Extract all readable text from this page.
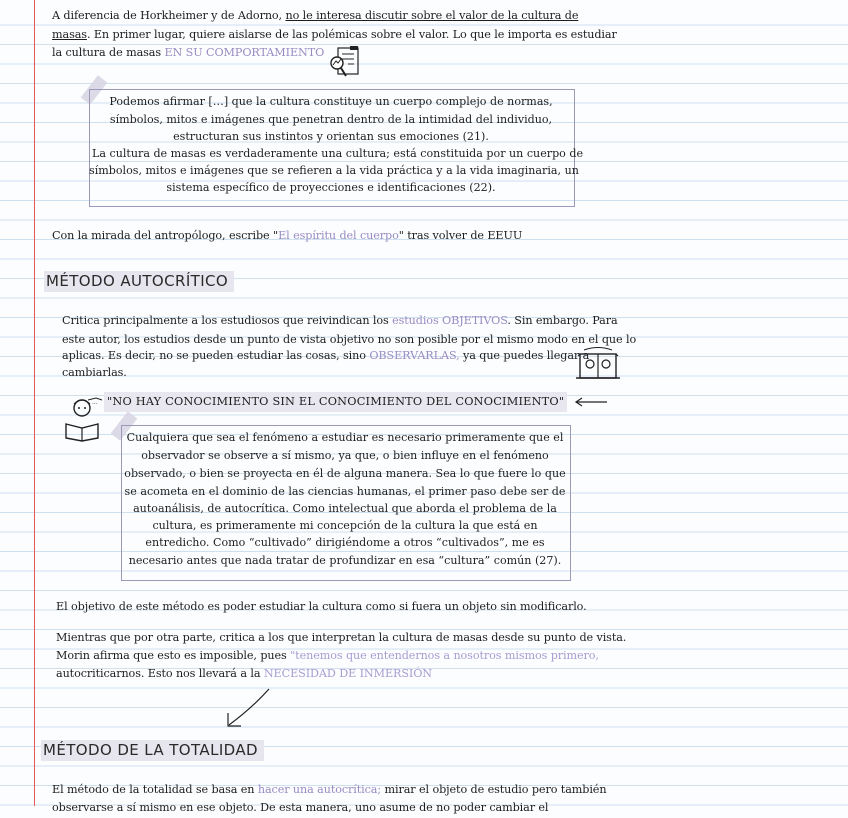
A diferencia de Horkheimer y de Adorno, no le interesa discutir sobre el valor de la cultura de
masas. En primer lugar, quiere aislarse de las polémicas sobre el valor. Lo que le importa es estudiar
la cultura de masas EN SU COMPORTAMIENTO
Podemos afirmar […] que la cultura constituye un cuerpo complejo de normas,
símbolos, mitos e imágenes que penetran dentro de la intimidad del individuo,
estructuran sus instintos y orientan sus emociones (21).
La cultura de masas es verdaderamente una cultura; está constituida por un cuerpo de
símbolos, mitos e imágenes que se refieren a la vida práctica y a la vida imaginaria, un
sistema específico de proyecciones e identificaciones (22).
Con la mirada del antropólogo, escribe "El espíritu del cuerpo" tras volver de EEUU
MÉTODO AUTOCRÍTICO
Critica principalmente a los estudiosos que reivindican los estudios OBJETIVOS. Sin embargo. Para
este autor, los estudios desde un punto de vista objetivo no son posible por el mismo modo en el que lo
aplicas. Es decir, no se pueden estudiar las cosas, sino OBSERVARLAS, ya que puedes llegar a
cambiarlas.
... "NO HAY CONOCIMIENTO SIN EL CONOCIMIENTO DEL CONOCIMIENTO"
Cualquiera que sea el fenómeno a estudiar es necesario primeramente que el
observador se observe a sí mismo, ya que, o bien influye en el fenómeno
observado, o bien se proyecta en él de alguna manera. Sea lo que fuere lo que
se acometa en el dominio de las ciencias humanas, el primer paso debe ser de
autoanálisis, de autocrítica. Como intelectual que aborda el problema de la
cultura, es primeramente mi concepción de la cultura la que está en
entredicho. Como “cultivado” dirigiéndome a otros “cultivados”, me es
necesario antes que nada tratar de profundizar en esa “cultura” común (27).
El objetivo de este método es poder estudiar la cultura como si fuera un objeto sin modificarlo.
Mientras que por otra parte, critica a los que interpretan la cultura de masas desde su punto de vista.
Morin afirma que esto es imposible, pues "tenemos que entendernos a nosotros mismos primero,
autocriticarnos. Esto nos llevará a la NECESIDAD DE INMERSIÓN
MÉTODO DE LA TOTALIDAD
El método de la totalidad se basa en hacer una autocrítica; mirar el objeto de estudio pero también
observarse a sí mismo en ese objeto. De esta manera, uno asume de no poder cambiar el
